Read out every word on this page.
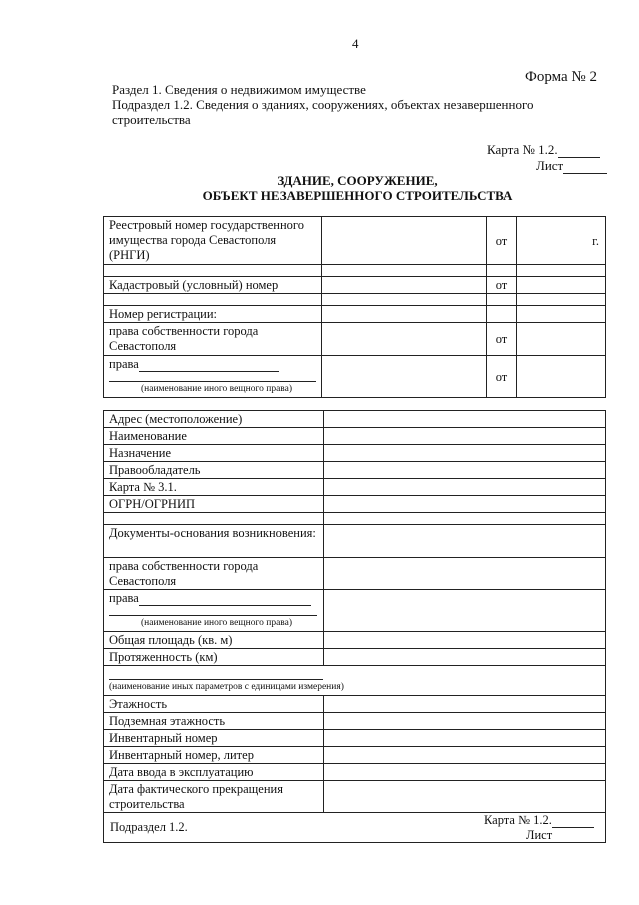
4
Форма № 2
Раздел 1. Сведения о недвижимом имуществе
Подраздел 1.2. Сведения о зданиях, сооружениях, объектах незавершенного
строительства
Карта № 1.2.
Лист
ЗДАНИЕ, СООРУЖЕНИЕ,
ОБЪЕКТ НЕЗАВЕРШЕННОГО СТРОИТЕЛЬСТВА
Реестровый номер государственного имущества города Севастополя (РНГИ)		от	г.

Кадастровый (условный) номер		от	

Номер регистрации:			
права собственности города Севастополя		от	

права
(наименование иного вещного права)		от	
Адрес (местоположение)	
Наименование	
Назначение	
Правообладатель	
Карта № 3.1.	
ОГРН/ОГРНИП	

Документы-основания возникновения:	
права собственности города Севастополя	

права
(наименование иного вещного права)	

Общая площадь (кв. м)	
Протяженность (км)	

(наименование иных параметров с единицами измерения)	

Этажность	
Подземная этажность	
Инвентарный номер	
Инвентарный номер, литер	
Дата ввода в эксплуатацию	
Дата фактического прекращения строительства	

Подраздел 1.2. Карта № 1.2.
Лист	
